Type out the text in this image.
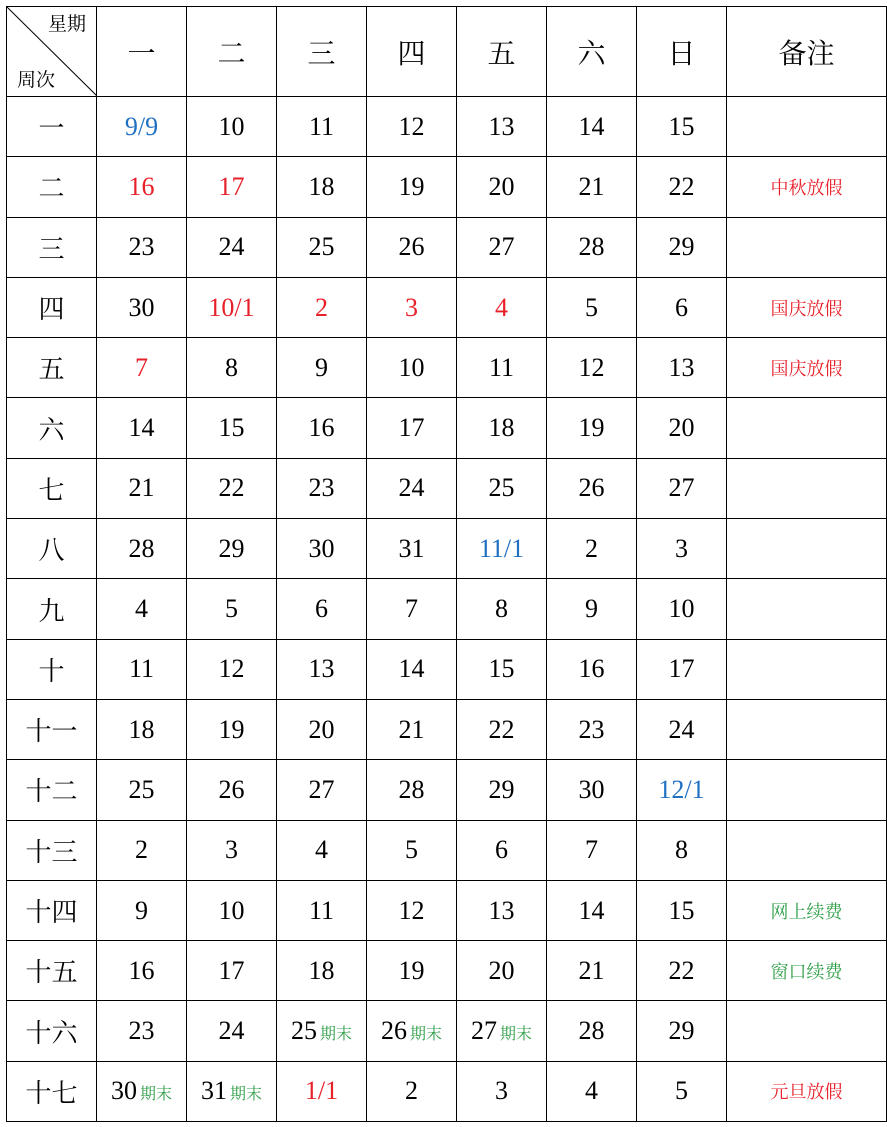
星期
周次	一	二	三	四	五	六	日	备注
一	9/9	10	11	12	13	14	15	
二	16	17	18	19	20	21	22	中秋放假
三	23	24	25	26	27	28	29	
四	30	10/1	2	3	4	5	6	国庆放假
五	7	8	9	10	11	12	13	国庆放假
六	14	15	16	17	18	19	20	
七	21	22	23	24	25	26	27	
八	28	29	30	31	11/1	2	3	
九	4	5	6	7	8	9	10	
十	11	12	13	14	15	16	17	
十一	18	19	20	21	22	23	24	
十二	25	26	27	28	29	30	12/1	
十三	2	3	4	5	6	7	8	
十四	9	10	11	12	13	14	15	网上续费
十五	16	17	18	19	20	21	22	窗口续费
十六	23	24	25 期末	26 期末	27 期末	28	29	
十七	30 期末	31 期末	1/1	2	3	4	5	元旦放假
